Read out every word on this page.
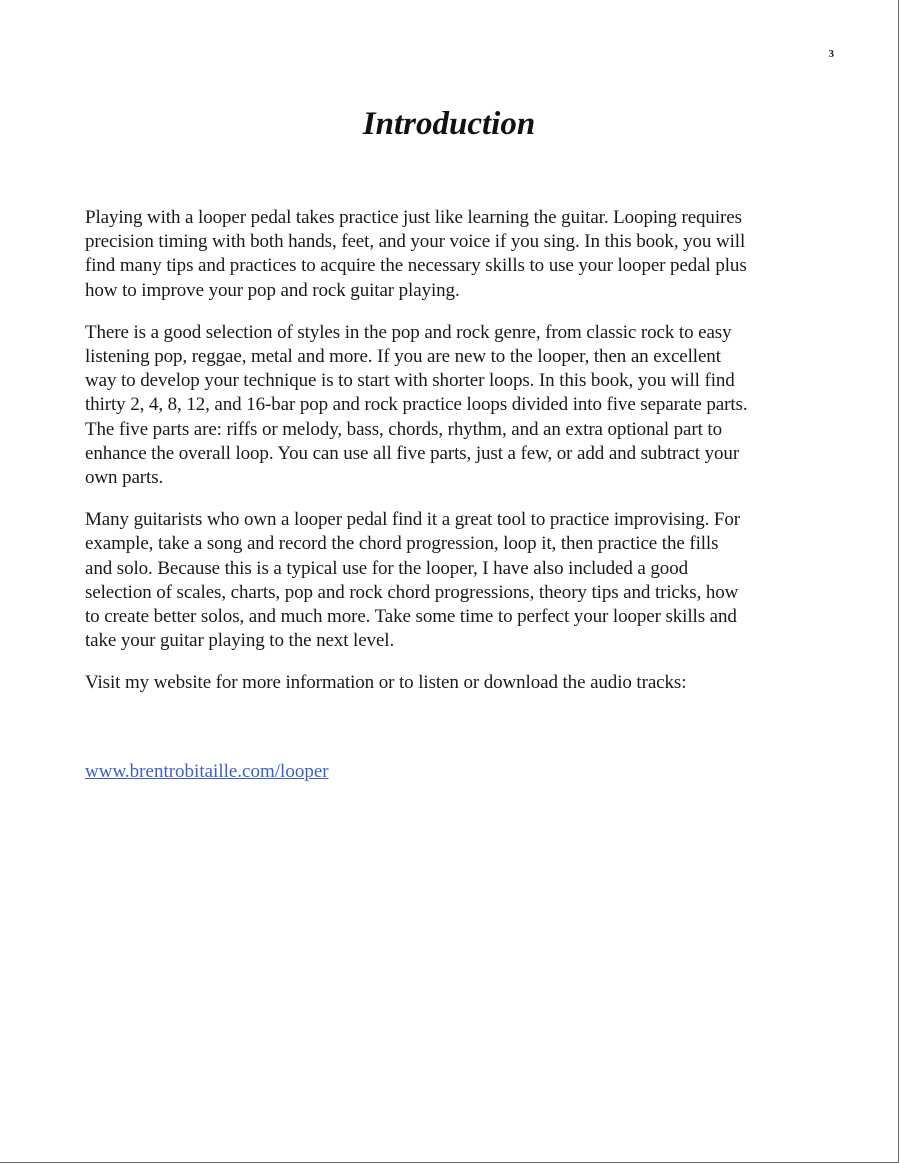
3
Introduction

Playing with a looper pedal takes practice just like learning the guitar. Looping requires
precision timing with both hands, feet, and your voice if you sing. In this book, you will
find many tips and practices to acquire the necessary skills to use your looper pedal plus
how to improve your pop and rock guitar playing.

There is a good selection of styles in the pop and rock genre, from classic rock to easy
listening pop, reggae, metal and more. If you are new to the looper, then an excellent
way to develop your technique is to start with shorter loops. In this book, you will find
thirty 2, 4, 8, 12, and 16-bar pop and rock practice loops divided into five separate parts.
The five parts are: riffs or melody, bass, chords, rhythm, and an extra optional part to
enhance the overall loop. You can use all five parts, just a few, or add and subtract your
own parts.

Many guitarists who own a looper pedal find it a great tool to practice improvising. For
example, take a song and record the chord progression, loop it, then practice the fills
and solo. Because this is a typical use for the looper, I have also included a good
selection of scales, charts, pop and rock chord progressions, theory tips and tricks, how
to create better solos, and much more. Take some time to perfect your looper skills and
take your guitar playing to the next level.

Visit my website for more information or to listen or download the audio tracks:

www.brentrobitaille.com/looper
